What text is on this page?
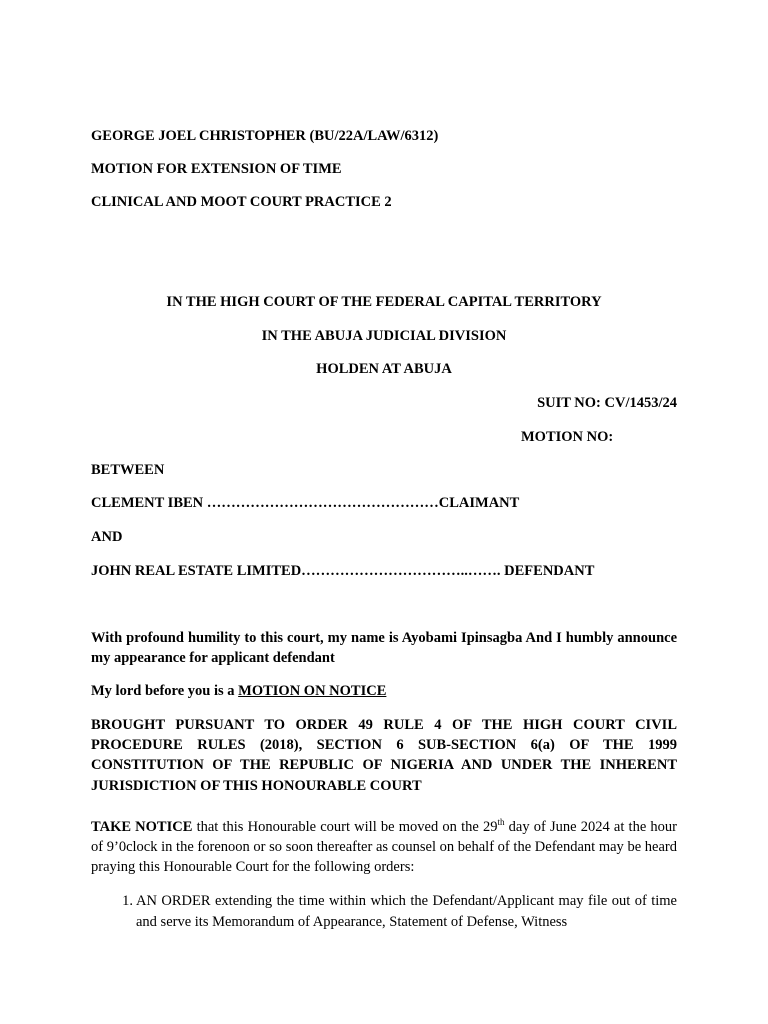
GEORGE JOEL CHRISTOPHER (BU/22A/LAW/6312)
MOTION FOR EXTENSION OF TIME
CLINICAL AND MOOT COURT PRACTICE 2
IN THE HIGH COURT OF THE FEDERAL CAPITAL TERRITORY
IN THE ABUJA JUDICIAL DIVISION
HOLDEN AT ABUJA
SUIT NO: CV/1453/24
MOTION NO:
BETWEEN
CLEMENT IBEN …………………………………………CLAIMANT
AND
JOHN REAL ESTATE LIMITED……………………………..……. DEFENDANT
With profound humility to this court, my name is Ayobami Ipinsagba And I humbly announce my appearance for applicant defendant
My lord before you is a MOTION ON NOTICE
BROUGHT PURSUANT TO ORDER 49 RULE 4 OF THE HIGH COURT CIVIL PROCEDURE RULES (2018), SECTION 6 SUB-SECTION 6(a) OF THE 1999 CONSTITUTION OF THE REPUBLIC OF NIGERIA AND UNDER THE INHERENT JURISDICTION OF THIS HONOURABLE COURT
TAKE NOTICE that this Honourable court will be moved on the 29th day of June 2024 at the hour of 9’0clock in the forenoon or so soon thereafter as counsel on behalf of the Defendant may be heard praying this Honourable Court for the following orders:
1. AN ORDER extending the time within which the Defendant/Applicant may file out of time and serve its Memorandum of Appearance, Statement of Defense, Witness
